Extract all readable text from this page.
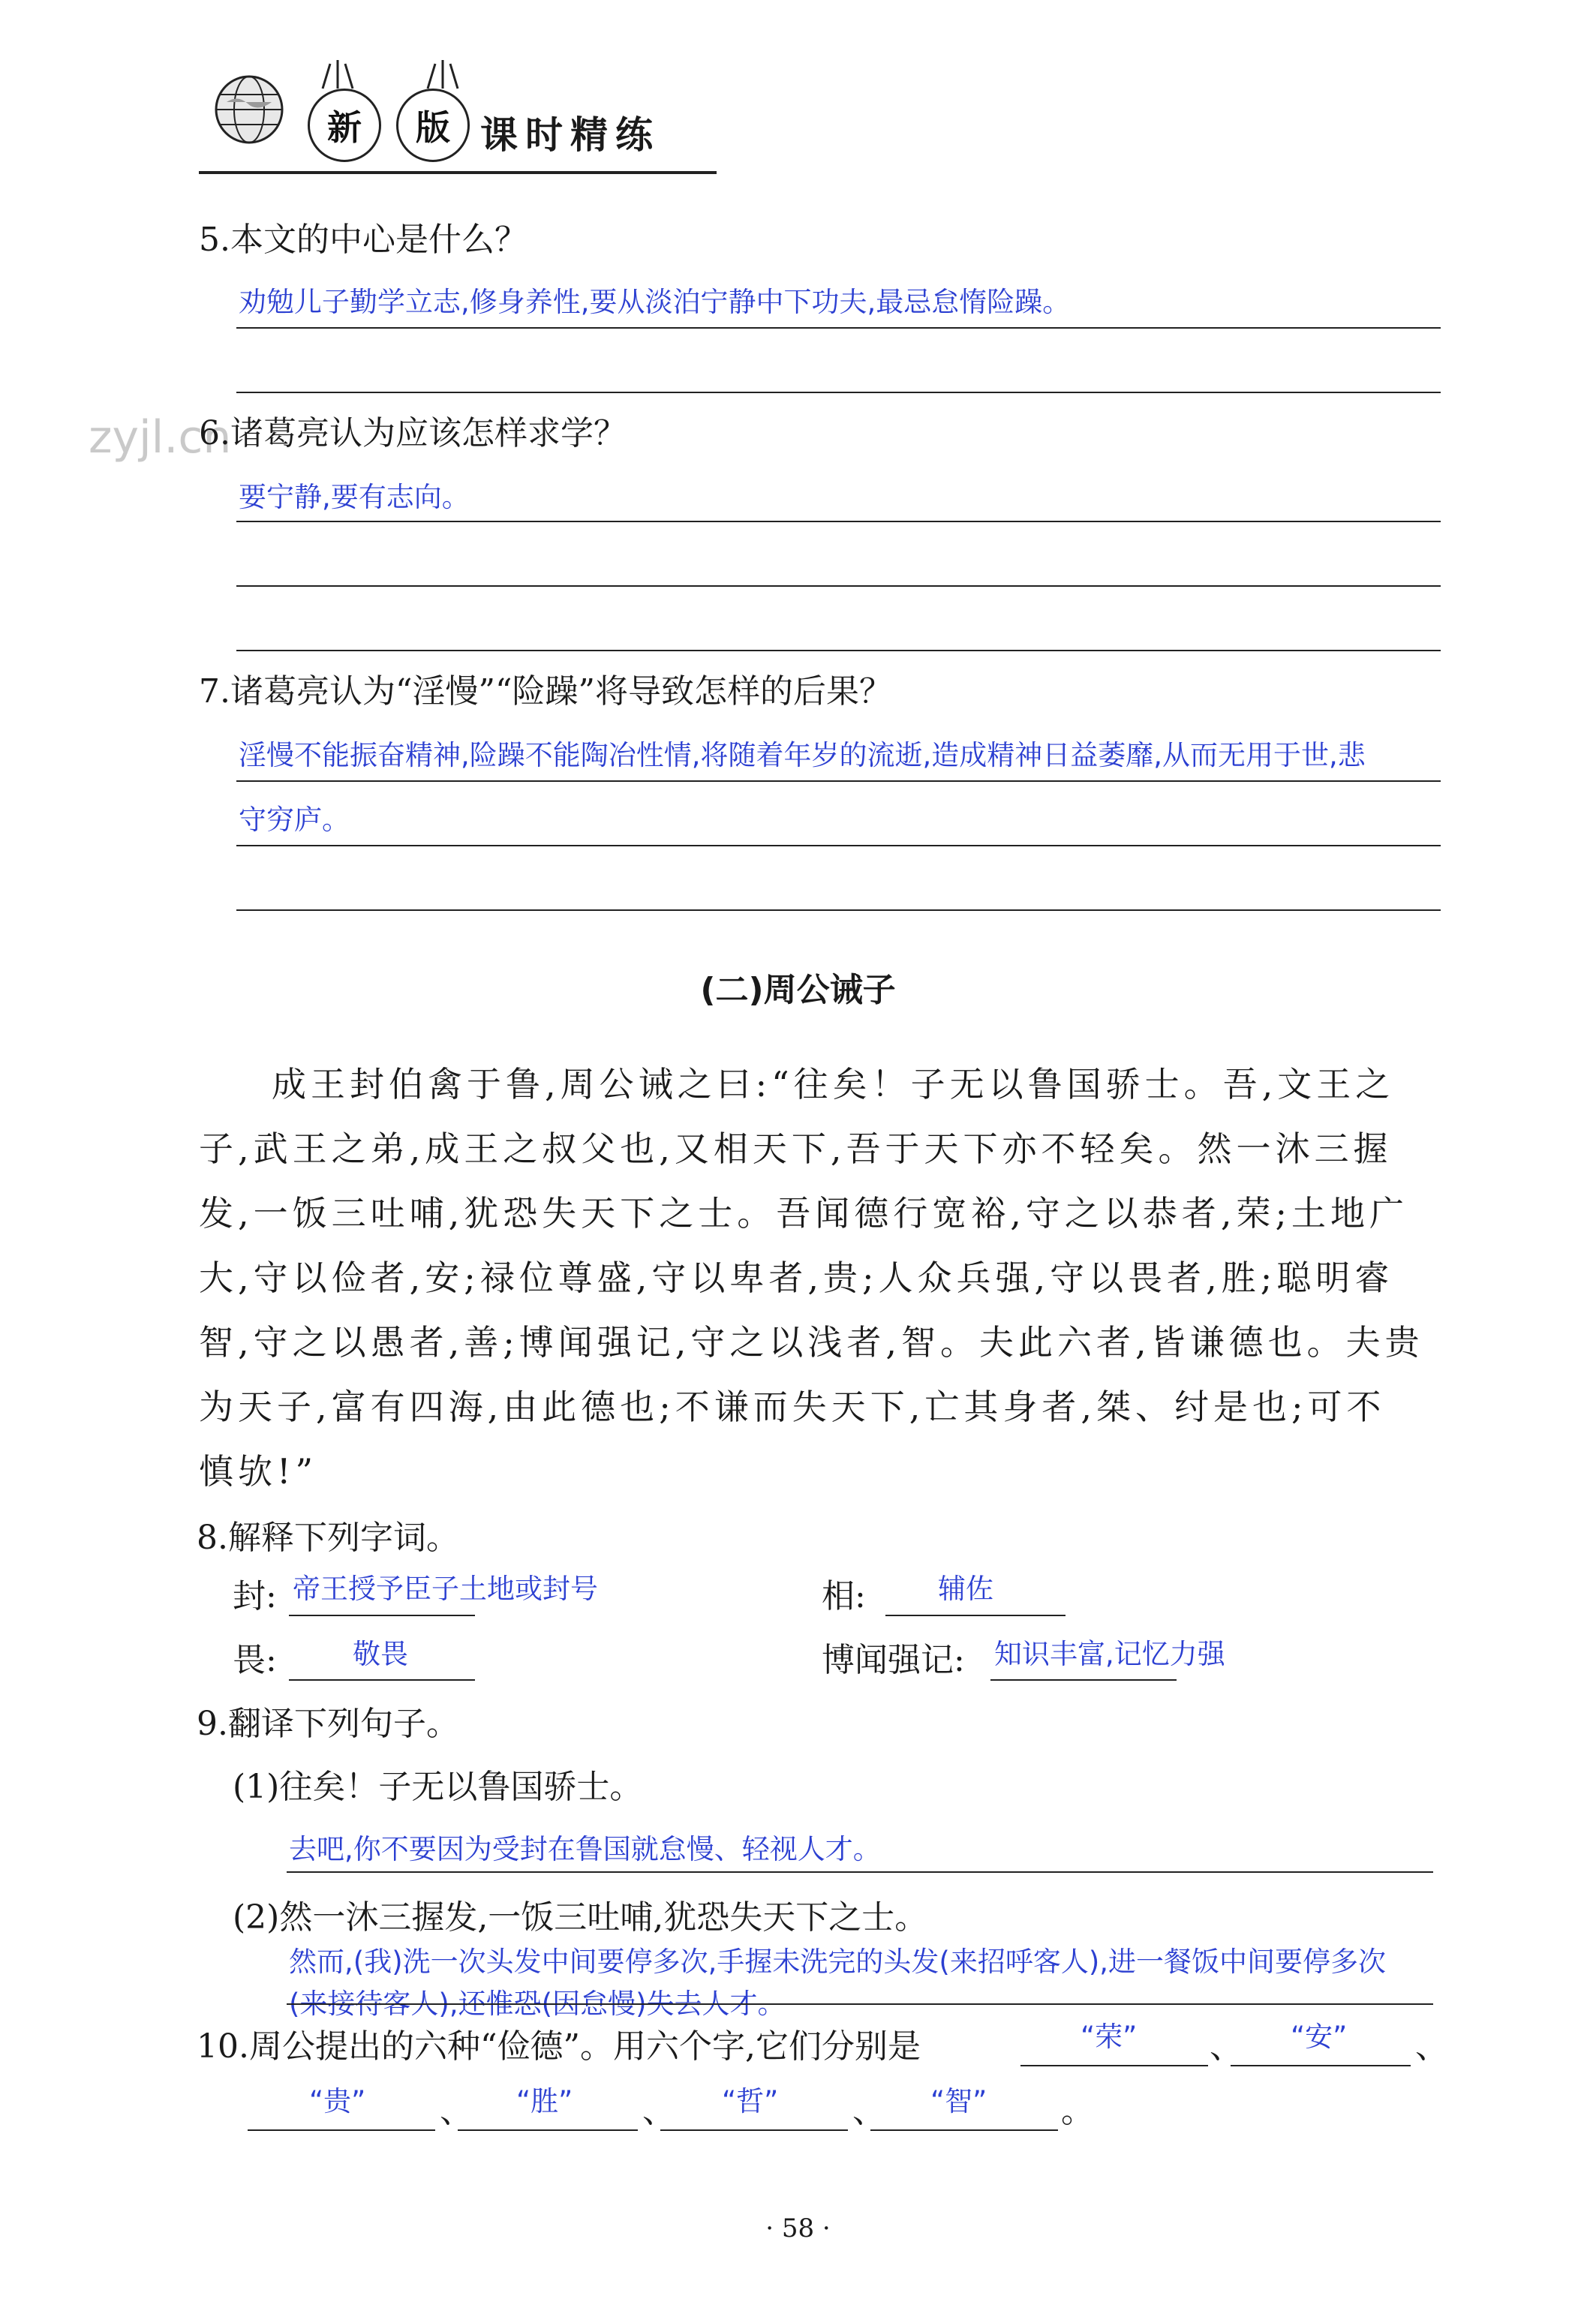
新 版 课时精练
zyjl.cn
5.本文的中心是什么？
劝勉儿子勤学立志,修身养性,要从淡泊宁静中下功夫,最忌怠惰险躁。
6.诸葛亮认为应该怎样求学？
要宁静,要有志向。
7.诸葛亮认为“淫慢”“险躁”将导致怎样的后果？
淫慢不能振奋精神,险躁不能陶冶性情,将随着年岁的流逝,造成精神日益萎靡,从而无用于世,悲
守穷庐。
(二)周公诫子
成王封伯禽于鲁,周公诫之曰:“往矣！子无以鲁国骄士。吾,文王之
子,武王之弟,成王之叔父也,又相天下,吾于天下亦不轻矣。然一沐三握
发,一饭三吐哺,犹恐失天下之士。吾闻德行宽裕,守之以恭者,荣;土地广
大,守以俭者,安;禄位尊盛,守以卑者,贵;人众兵强,守以畏者,胜;聪明睿
智,守之以愚者,善;博闻强记,守之以浅者,智。夫此六者,皆谦德也。夫贵
为天子,富有四海,由此德也;不谦而失天下,亡其身者,桀、纣是也;可不
慎欤!”
8.解释下列字词。
封: 帝王授予臣子土地或封号	相:	辅佐
畏:	敬畏	博闻强记: 知识丰富,记忆力强
9.翻译下列句子。
(1)往矣！子无以鲁国骄士。
去吧,你不要因为受封在鲁国就怠慢、轻视人才。
(2)然一沐三握发,一饭三吐哺,犹恐失天下之士。
然而,(我)洗一次头发中间要停多次,手握未洗完的头发(来招呼客人),进一餐饭中间要停多次
(来接待客人),还惟恐(因怠慢)失去人才。
10.周公提出的六种“俭德”。用六个字,它们分别是	“荣” 、 “安” 、
“贵” 、 “胜” 、 “哲” 、 “智” 。
· 58 ·
